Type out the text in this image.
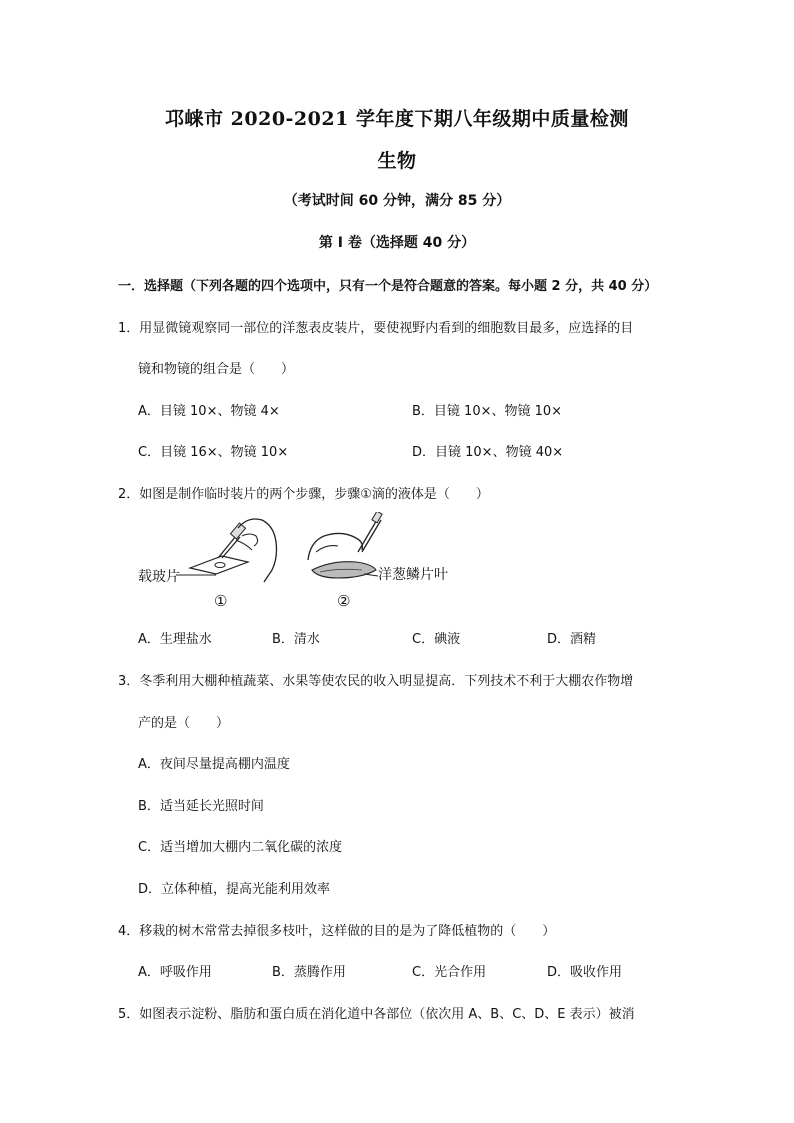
邛崃市 2020-2021 学年度下期八年级期中质量检测
生物
（考试时间 60 分钟，满分 85 分）
第 I 卷（选择题 40 分）
一．选择题（下列各题的四个选项中，只有一个是符合题意的答案。每小题 2 分，共 40 分）
1．用显微镜观察同一部位的洋葱表皮装片，要使视野内看到的细胞数目最多，应选择的目
镜和物镜的组合是（　　）
A．目镜 10×、物镜 4×	B．目镜 10×、物镜 10×
C．目镜 16×、物镜 10×	D．目镜 10×、物镜 40×
2．如图是制作临时装片的两个步骤，步骤①滴的液体是（　　）
载玻片
①
洋葱鳞片叶
②
A．生理盐水	B．清水	C．碘液	D．酒精
3．冬季利用大棚种植蔬菜、水果等使农民的收入明显提高．下列技术不利于大棚农作物增
产的是（　　）
A．夜间尽量提高棚内温度
B．适当延长光照时间
C．适当增加大棚内二氧化碳的浓度
D．立体种植，提高光能利用效率
4．移栽的树木常常去掉很多枝叶，这样做的目的是为了降低植物的（　　）
A．呼吸作用	B．蒸腾作用	C．光合作用	D．吸收作用
5．如图表示淀粉、脂肪和蛋白质在消化道中各部位（依次用 A、B、C、D、E 表示）被消
